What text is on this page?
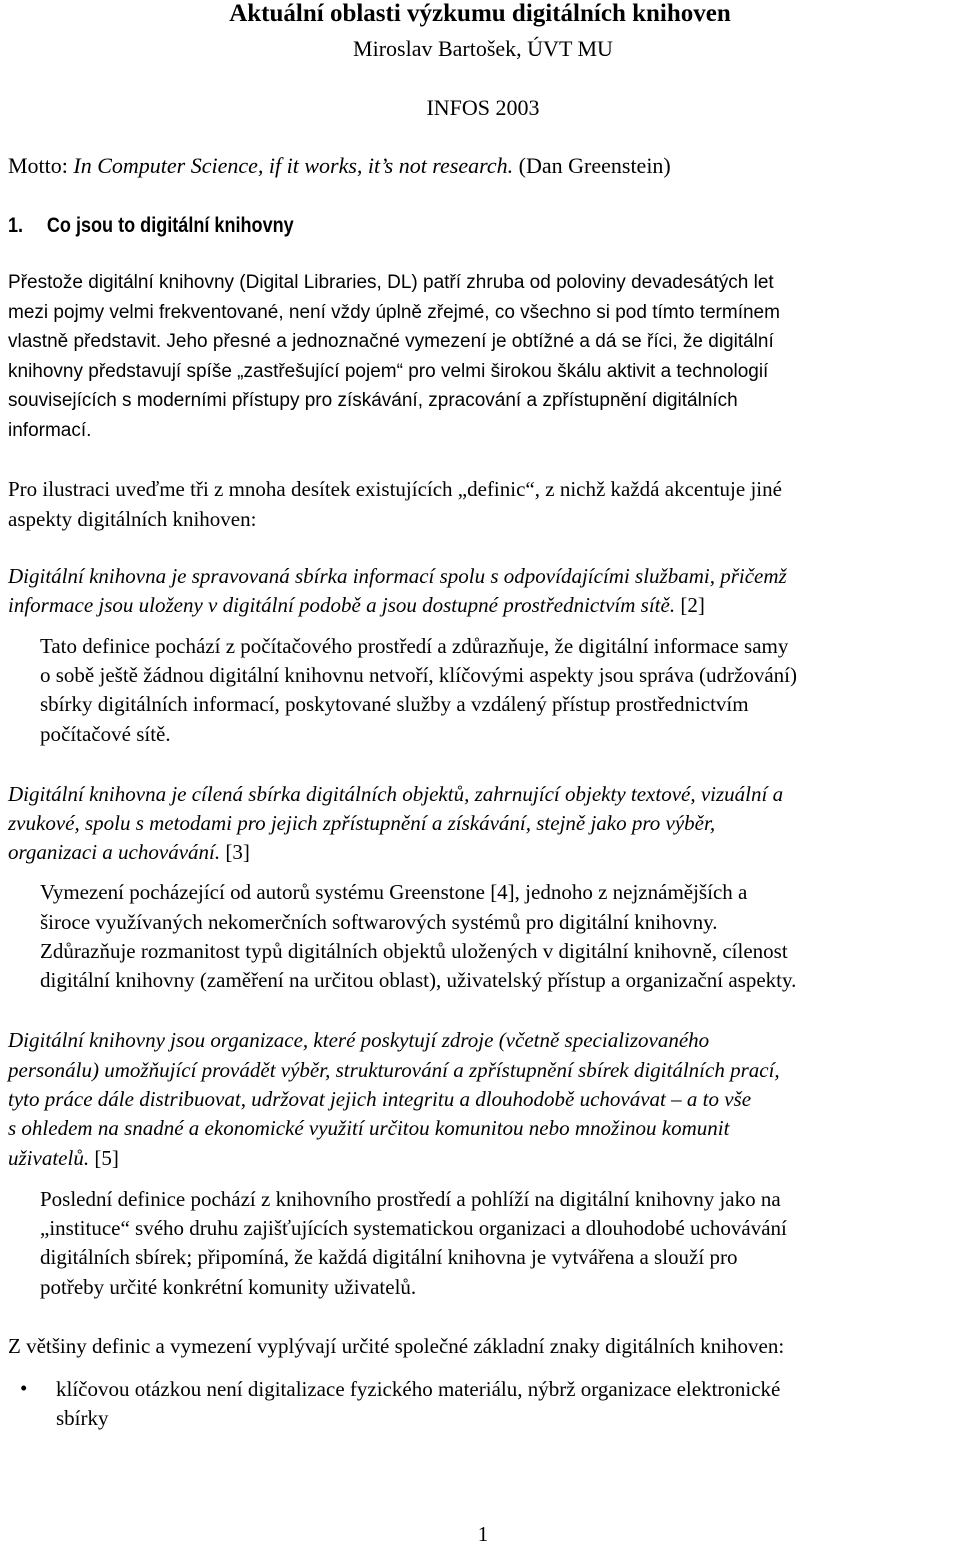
Aktuální oblasti výzkumu digitálních knihoven
Miroslav Bartošek, ÚVT MU
INFOS 2003
Motto: In Computer Science, if it works, it’s not research. (Dan Greenstein)
1. Co jsou to digitální knihovny
Přestože digitální knihovny (Digital Libraries, DL) patří zhruba od poloviny devadesátých let
mezi pojmy velmi frekventované, není vždy úplně zřejmé, co všechno si pod tímto termínem
vlastně představit. Jeho přesné a jednoznačné vymezení je obtížné a dá se říci, že digitální
knihovny představují spíše „zastřešující pojem“ pro velmi širokou škálu aktivit a technologií
souvisejících s moderními přístupy pro získávání, zpracování a zpřístupnění digitálních
informací.
Pro ilustraci uveďme tři z mnoha desítek existujících „definic“, z nichž každá akcentuje jiné
aspekty digitálních knihoven:
Digitální knihovna je spravovaná sbírka informací spolu s odpovídajícími službami, přičemž
informace jsou uloženy v digitální podobě a jsou dostupné prostřednictvím sítě. [2]
Tato definice pochází z počítačového prostředí a zdůrazňuje, že digitální informace samy
o sobě ještě žádnou digitální knihovnu netvoří, klíčovými aspekty jsou správa (udržování)
sbírky digitálních informací, poskytované služby a vzdálený přístup prostřednictvím
počítačové sítě.
Digitální knihovna je cílená sbírka digitálních objektů, zahrnující objekty textové, vizuální a
zvukové, spolu s metodami pro jejich zpřístupnění a získávání, stejně jako pro výběr,
organizaci a uchovávání. [3]
Vymezení pocházející od autorů systému Greenstone [4], jednoho z nejznámějších a
široce využívaných nekomerčních softwarových systémů pro digitální knihovny.
Zdůrazňuje rozmanitost typů digitálních objektů uložených v digitální knihovně, cílenost
digitální knihovny (zaměření na určitou oblast), uživatelský přístup a organizační aspekty.
Digitální knihovny jsou organizace, které poskytují zdroje (včetně specializovaného
personálu) umožňující provádět výběr, strukturování a zpřístupnění sbírek digitálních prací,
tyto práce dále distribuovat, udržovat jejich integritu a dlouhodobě uchovávat – a to vše
s ohledem na snadné a ekonomické využití určitou komunitou nebo množinou komunit
uživatelů. [5]
Poslední definice pochází z knihovního prostředí a pohlíží na digitální knihovny jako na
„instituce“ svého druhu zajišťujících systematickou organizaci a dlouhodobé uchovávání
digitálních sbírek; připomíná, že každá digitální knihovna je vytvářena a slouží pro
potřeby určité konkrétní komunity uživatelů.
Z většiny definic a vymezení vyplývají určité společné základní znaky digitálních knihoven:
• klíčovou otázkou není digitalizace fyzického materiálu, nýbrž organizace elektronické
sbírky
1
